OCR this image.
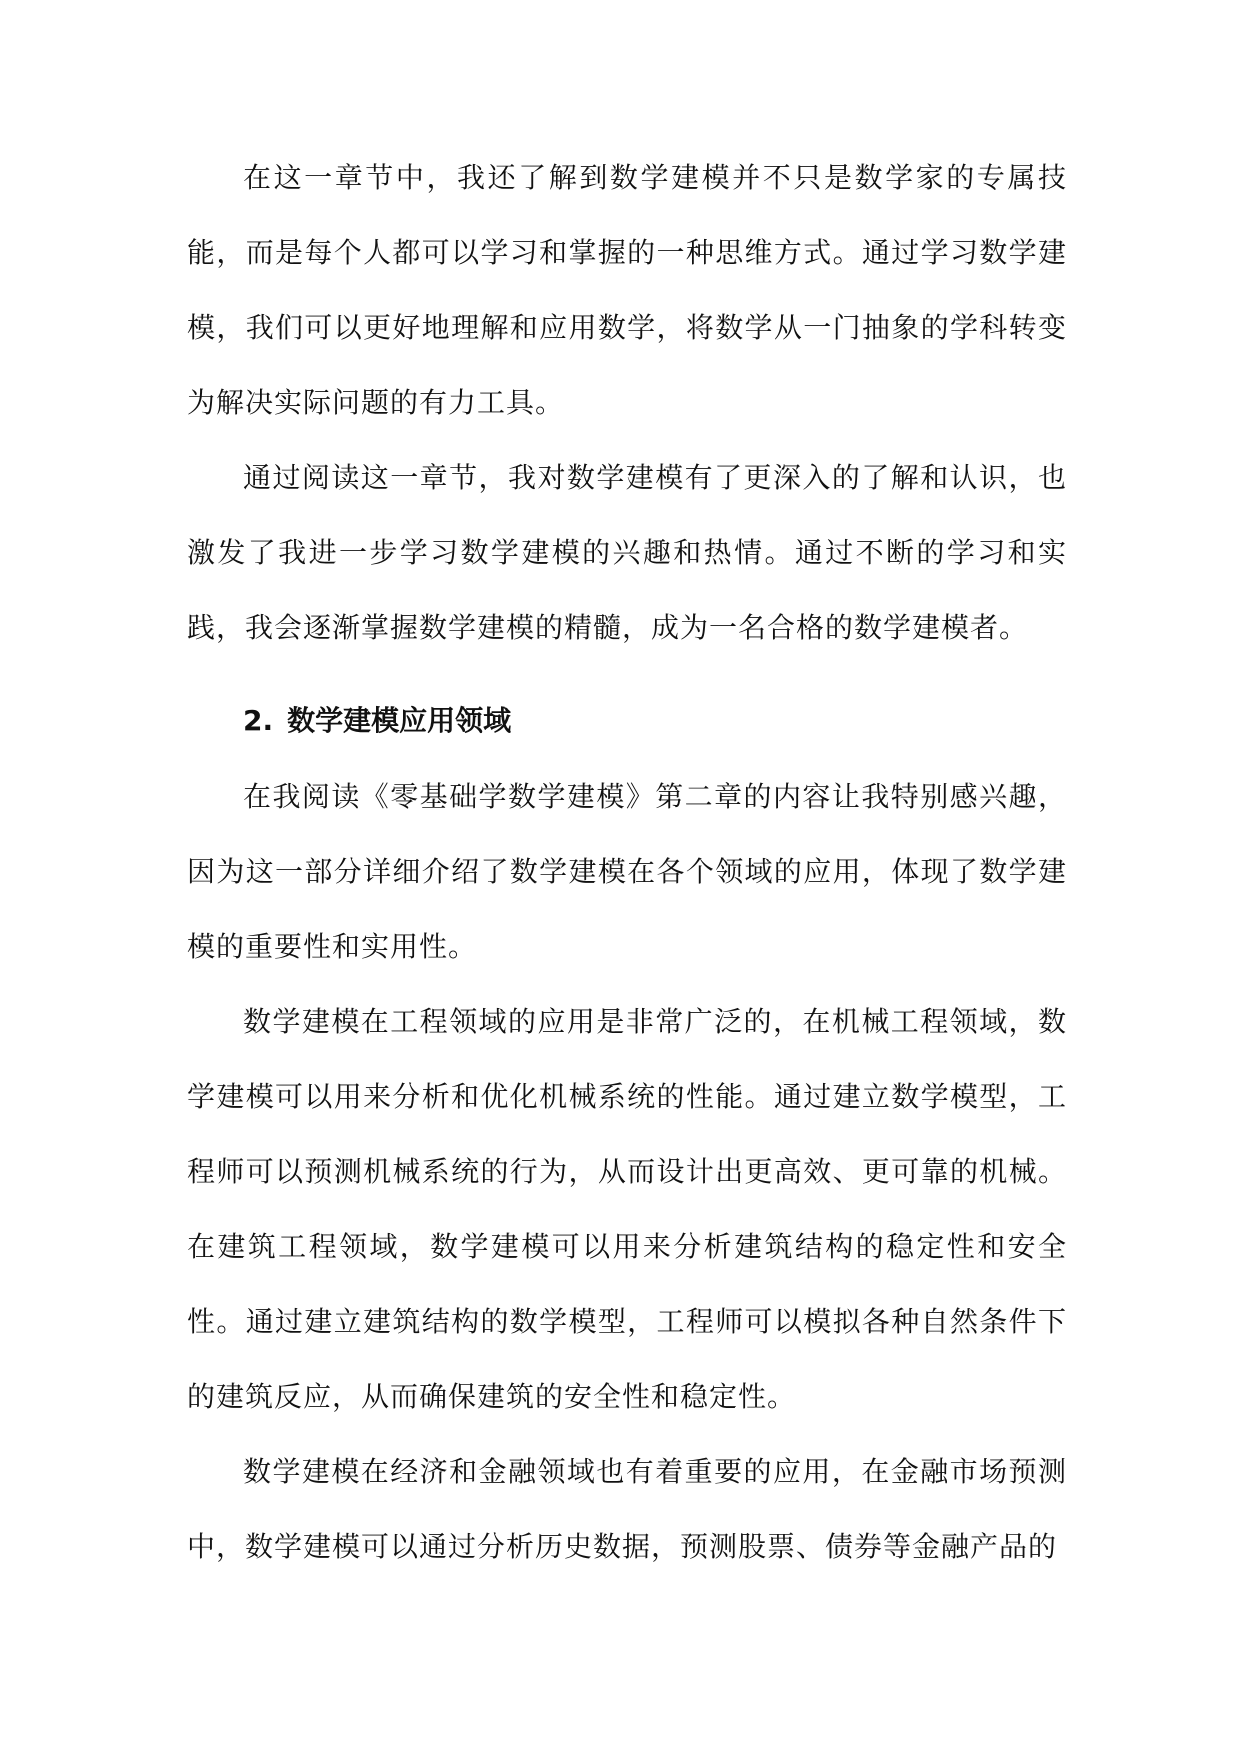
在这一章节中，我还了解到数学建模并不只是数学家的专属技能，而是每个人都可以学习和掌握的一种思维方式。通过学习数学建模，我们可以更好地理解和应用数学，将数学从一门抽象的学科转变为解决实际问题的有力工具。

通过阅读这一章节，我对数学建模有了更深入的了解和认识，也激发了我进一步学习数学建模的兴趣和热情。通过不断的学习和实践，我会逐渐掌握数学建模的精髓，成为一名合格的数学建模者。

2. 数学建模应用领域

在我阅读《零基础学数学建模》第二章的内容让我特别感兴趣，因为这一部分详细介绍了数学建模在各个领域的应用，体现了数学建模的重要性和实用性。

数学建模在工程领域的应用是非常广泛的，在机械工程领域，数学建模可以用来分析和优化机械系统的性能。通过建立数学模型，工程师可以预测机械系统的行为，从而设计出更高效、更可靠的机械。在建筑工程领域，数学建模可以用来分析建筑结构的稳定性和安全性。通过建立建筑结构的数学模型，工程师可以模拟各种自然条件下的建筑反应，从而确保建筑的安全性和稳定性。

数学建模在经济和金融领域也有着重要的应用，在金融市场预测中，数学建模可以通过分析历史数据，预测股票、债券等金融产品的
